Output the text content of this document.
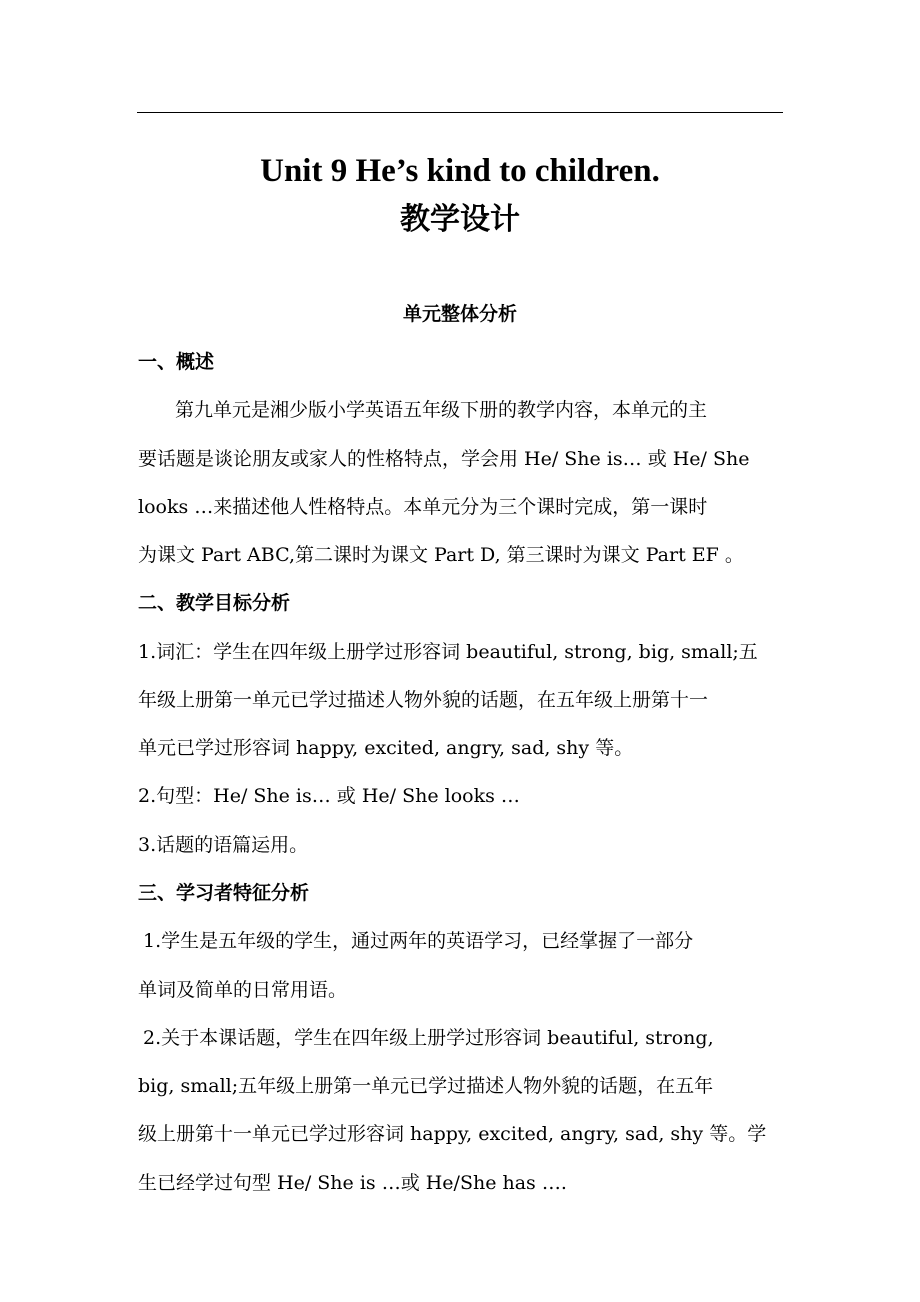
Unit 9 He’s kind to children.
教学设计
单元整体分析
一、概述
第九单元是湘少版小学英语五年级下册的教学内容，本单元的主
要话题是谈论朋友或家人的性格特点，学会用 He/ She is… 或 He/ She
looks …来描述他人性格特点。本单元分为三个课时完成，第一课时
为课文 Part ABC,第二课时为课文 Part D, 第三课时为课文 Part EF 。
二、教学目标分析
1.词汇：学生在四年级上册学过形容词 beautiful, strong, big, small;五
年级上册第一单元已学过描述人物外貌的话题，在五年级上册第十一
单元已学过形容词 happy, excited, angry, sad, shy 等。
2.句型：He/ She is… 或 He/ She looks …
3.话题的语篇运用。
三、学习者特征分析
1.学生是五年级的学生，通过两年的英语学习，已经掌握了一部分
单词及简单的日常用语。
2.关于本课话题，学生在四年级上册学过形容词 beautiful, strong,
big, small;五年级上册第一单元已学过描述人物外貌的话题，在五年
级上册第十一单元已学过形容词 happy, excited, angry, sad, shy 等。学
生已经学过句型 He/ She is …或 He/She has ….
